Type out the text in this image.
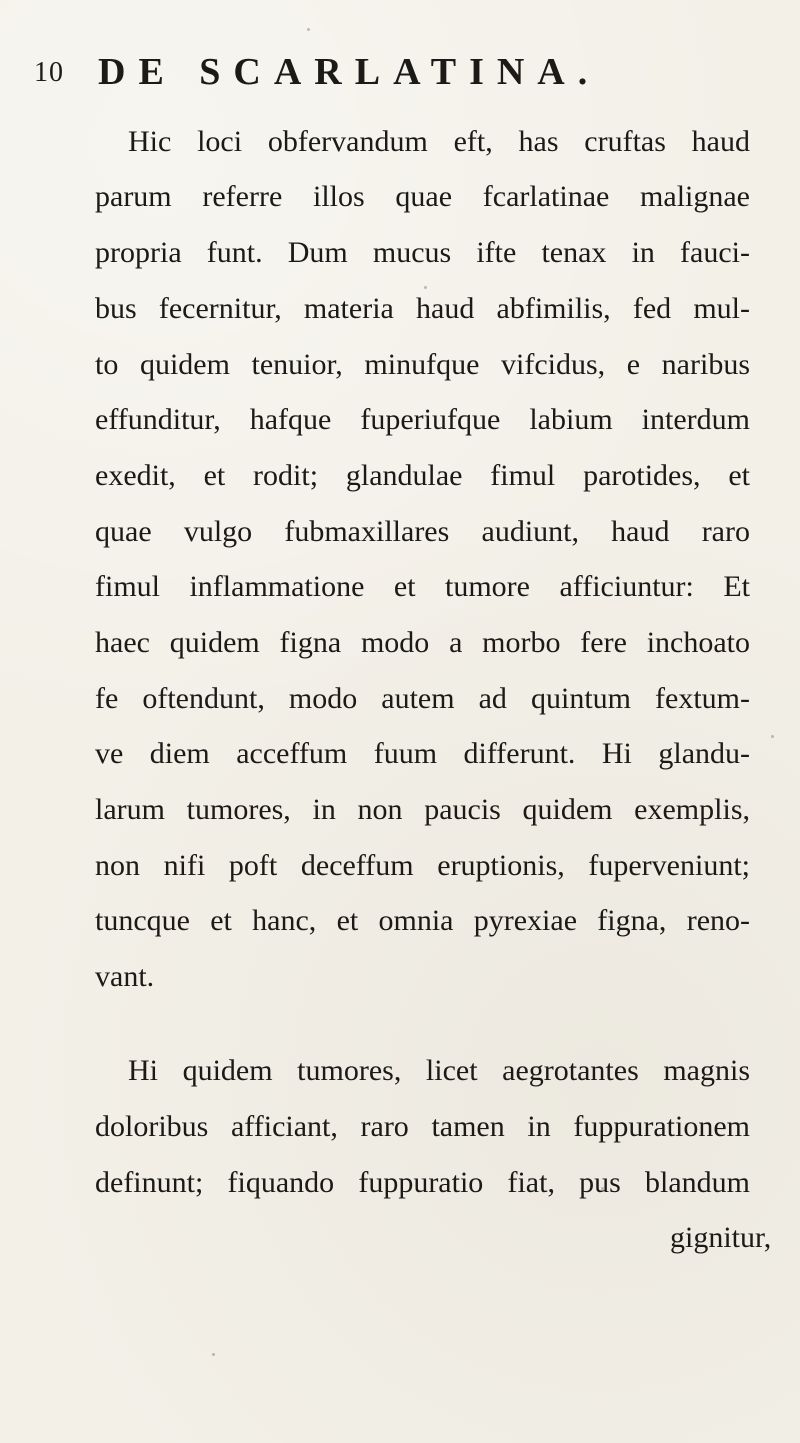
10 DE SCARLATINA.
Hic loci obfervandum eft, has cruftas haud
parum referre illos quae fcarlatinae malignae
propria funt. Dum mucus ifte tenax in fauci-
bus fecernitur, materia haud abfimilis, fed mul-
to quidem tenuior, minufque vifcidus, e naribus
effunditur, hafque fuperiufque labium interdum
exedit, et rodit; glandulae fimul parotides, et
quae vulgo fubmaxillares audiunt, haud raro
fimul inflammatione et tumore afficiuntur: Et
haec quidem figna modo a morbo fere inchoato
fe oftendunt, modo autem ad quintum fextum-
ve diem acceffum fuum differunt. Hi glandu-
larum tumores, in non paucis quidem exemplis,
non nifi poft deceffum eruptionis, fuperveniunt;
tuncque et hanc, et omnia pyrexiae figna, reno-
vant.
Hi quidem tumores, licet aegrotantes magnis
doloribus afficiant, raro tamen in fuppurationem
definunt; fiquando fuppuratio fiat, pus blandum
gignitur,
